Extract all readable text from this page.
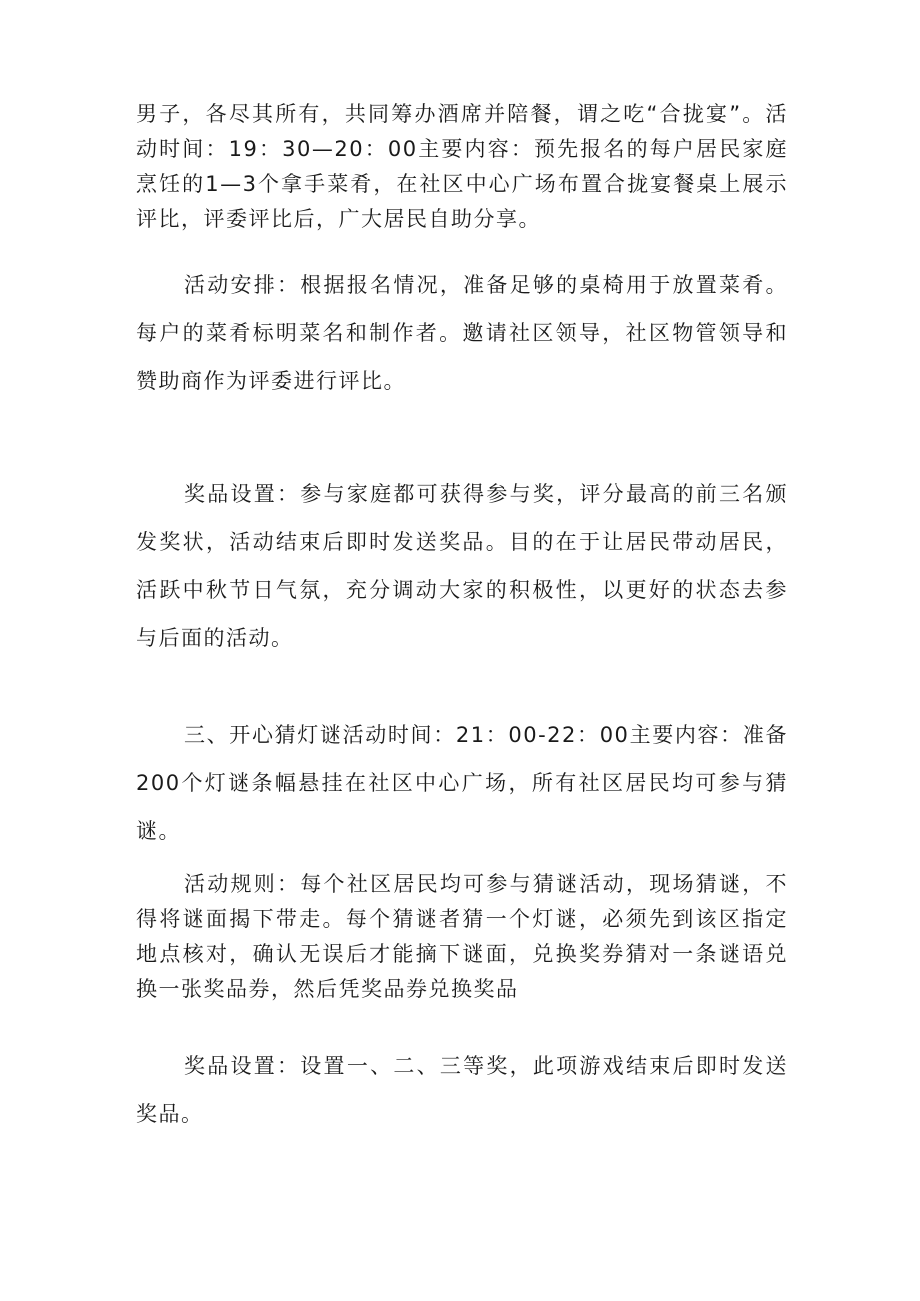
男子，各尽其所有，共同筹办酒席并陪餐，谓之吃“合拢宴”。活动时间：19：30—20：00主要内容：预先报名的每户居民家庭烹饪的1—3个拿手菜肴，在社区中心广场布置合拢宴餐桌上展示评比，评委评比后，广大居民自助分享。

活动安排：根据报名情况，准备足够的桌椅用于放置菜肴。每户的菜肴标明菜名和制作者。邀请社区领导，社区物管领导和赞助商作为评委进行评比。

奖品设置：参与家庭都可获得参与奖，评分最高的前三名颁发奖状，活动结束后即时发送奖品。目的在于让居民带动居民，活跃中秋节日气氛，充分调动大家的积极性，以更好的状态去参与后面的活动。

三、开心猜灯谜活动时间：21：00-22：00主要内容：准备200个灯谜条幅悬挂在社区中心广场，所有社区居民均可参与猜谜。

活动规则：每个社区居民均可参与猜谜活动，现场猜谜，不得将谜面揭下带走。每个猜谜者猜一个灯谜，必须先到该区指定地点核对，确认无误后才能摘下谜面，兑换奖券猜对一条谜语兑换一张奖品券，然后凭奖品券兑换奖品

奖品设置：设置一、二、三等奖，此项游戏结束后即时发送奖品。
